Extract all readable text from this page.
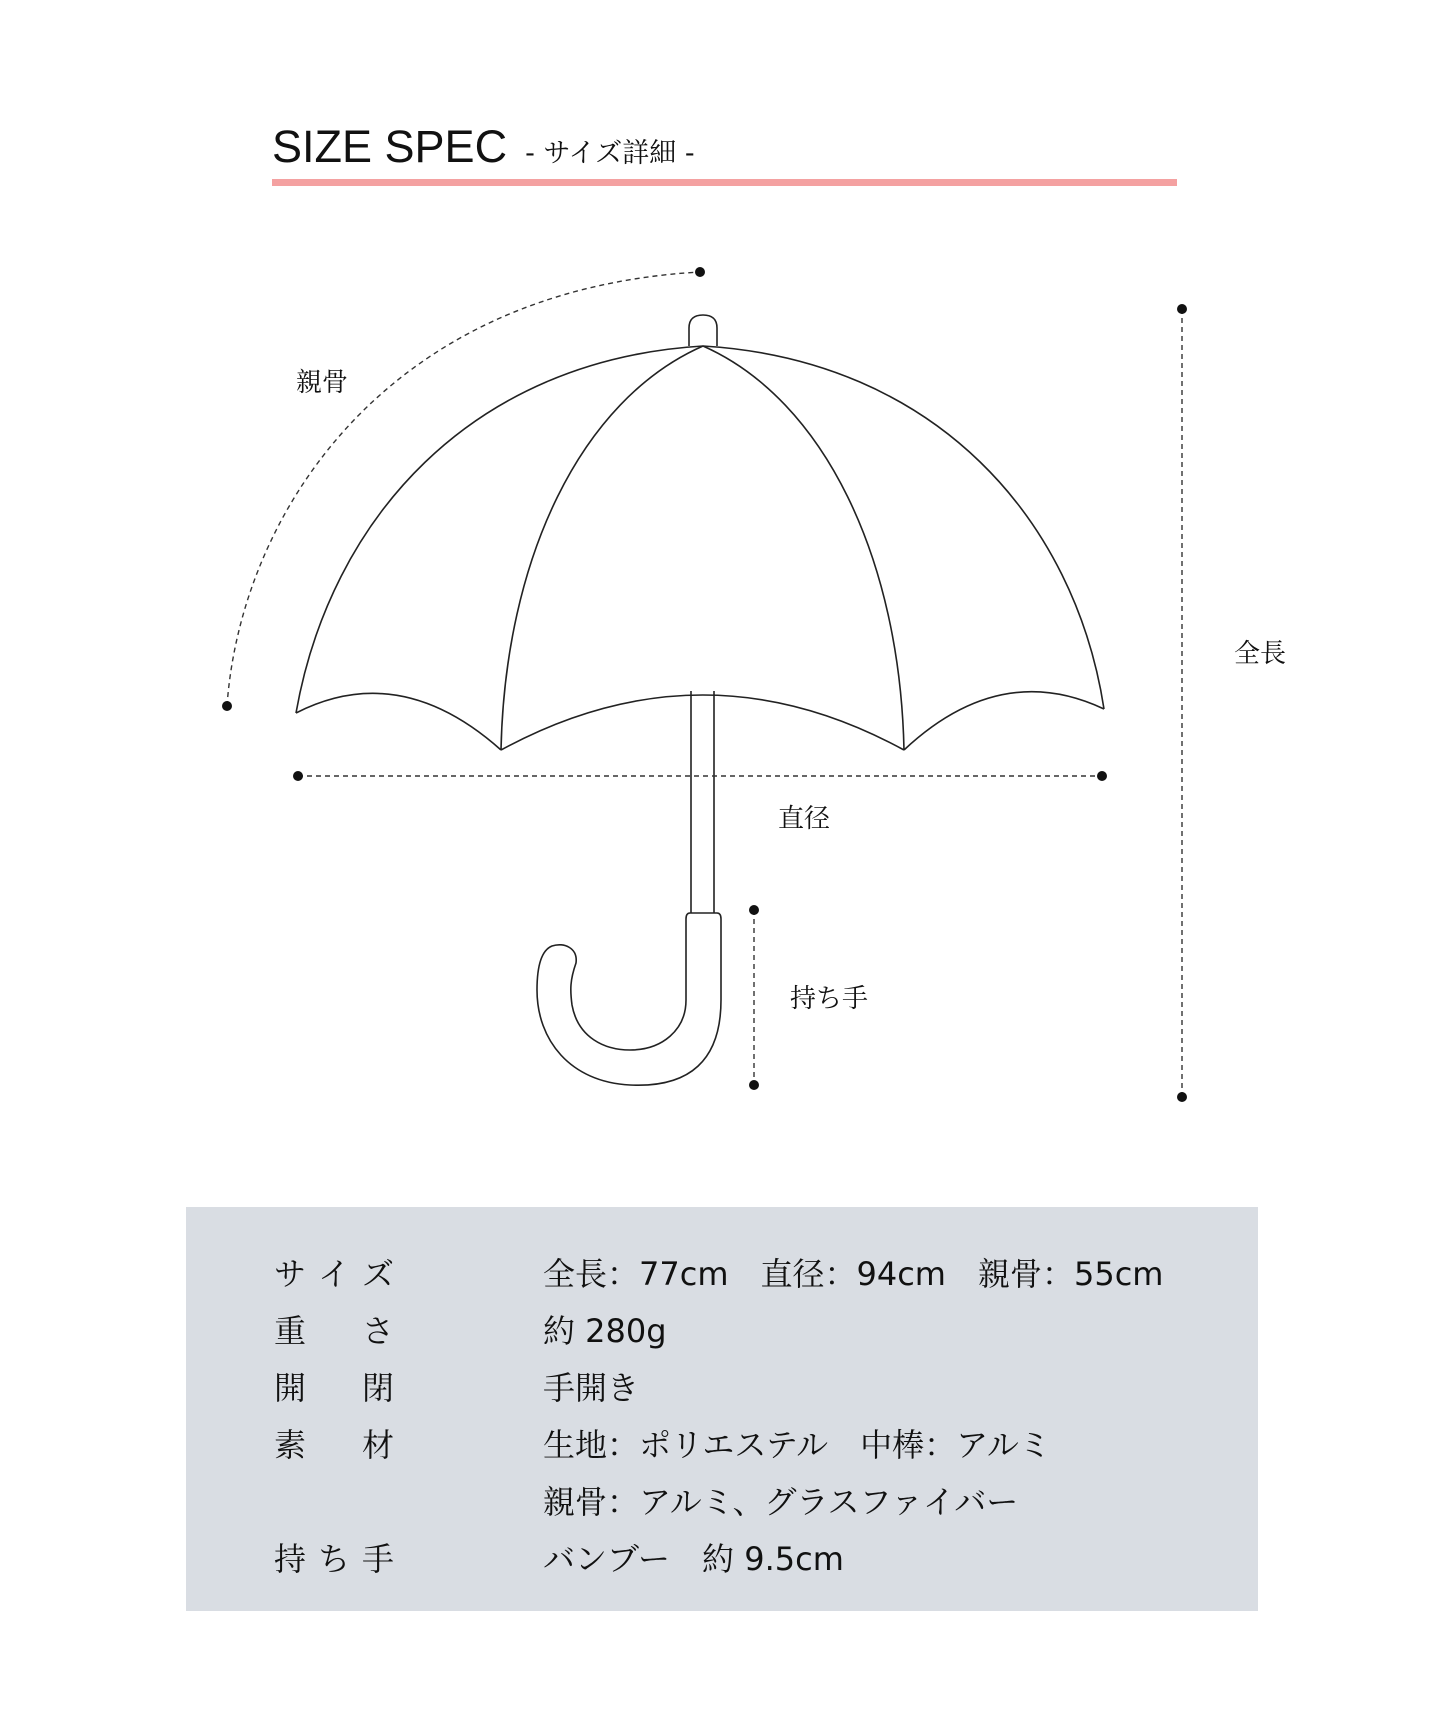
SIZE SPEC - サイズ詳細 -
親骨
全長
直径
持ち手
サ イ ズ	全長：77cm　直径：94cm　親骨：55cm
重 さ	約 280g
開 閉	手開き
素 材	生地：ポリエステル　中棒：アルミ
親骨：アルミ、グラスファイバー
持 ち 手	バンブー　約 9.5cm
